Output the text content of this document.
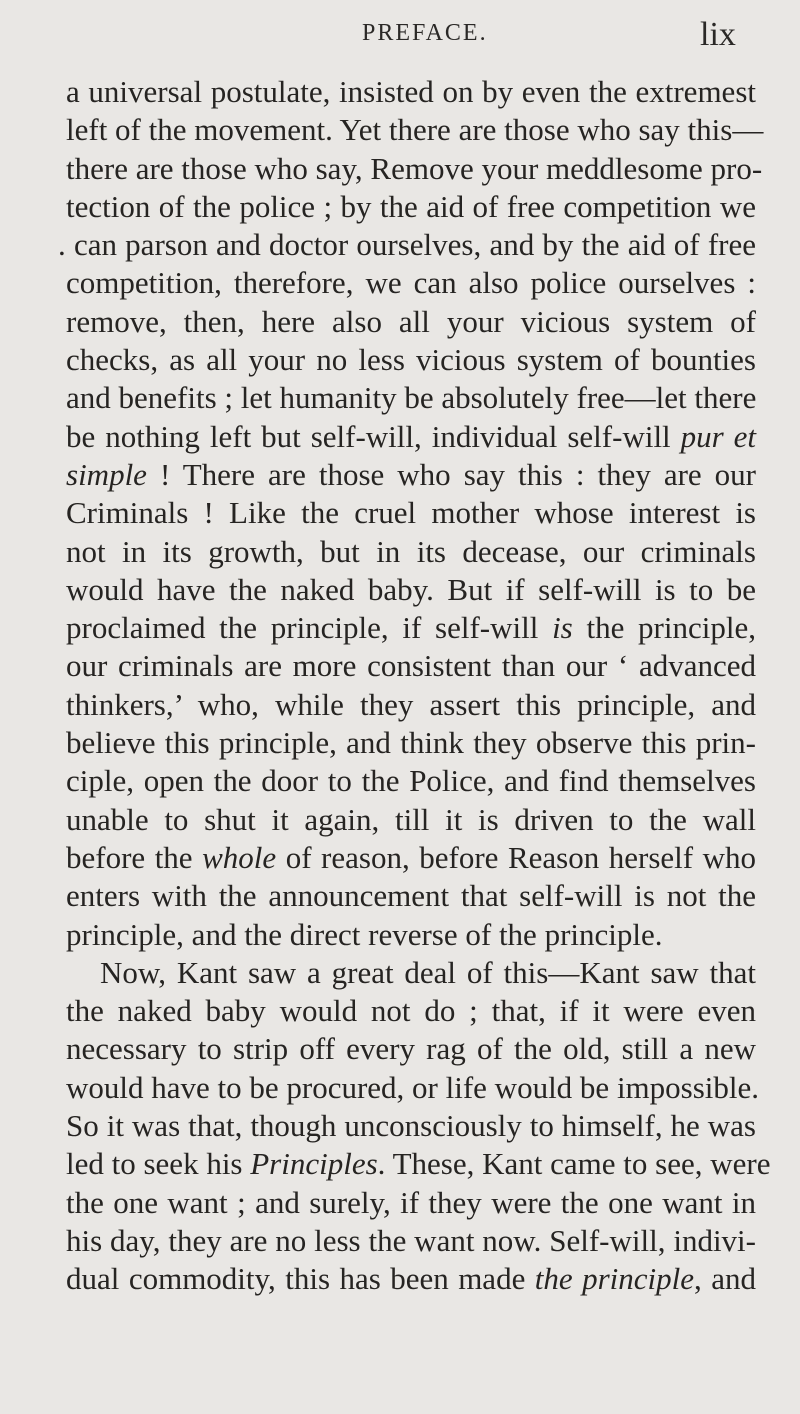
PREFACE.	lix
a universal postulate, insisted on by even the extremest
left of the movement. Yet there are those who say this—
there are those who say, Remove your meddlesome pro-
tection of the police ; by the aid of free competition we
. can parson and doctor ourselves, and by the aid of free
competition, therefore, we can also police ourselves :
remove, then, here also all your vicious system of
checks, as all your no less vicious system of bounties
and benefits ; let humanity be absolutely free—let there
be nothing left but self-will, individual self-will pur et
simple ! There are those who say this : they are our
Criminals ! Like the cruel mother whose interest is
not in its growth, but in its decease, our criminals
would have the naked baby. But if self-will is to be
proclaimed the principle, if self-will is the principle,
our criminals are more consistent than our ‘ advanced
thinkers,’ who, while they assert this principle, and
believe this principle, and think they observe this prin-
ciple, open the door to the Police, and find themselves
unable to shut it again, till it is driven to the wall
before the whole of reason, before Reason herself who
enters with the announcement that self-will is not the
principle, and the direct reverse of the principle.
Now, Kant saw a great deal of this—Kant saw that
the naked baby would not do ; that, if it were even
necessary to strip off every rag of the old, still a new
would have to be procured, or life would be impossible.
So it was that, though unconsciously to himself, he was
led to seek his Principles. These, Kant came to see, were
the one want ; and surely, if they were the one want in
his day, they are no less the want now. Self-will, indivi-
dual commodity, this has been made the principle, and
